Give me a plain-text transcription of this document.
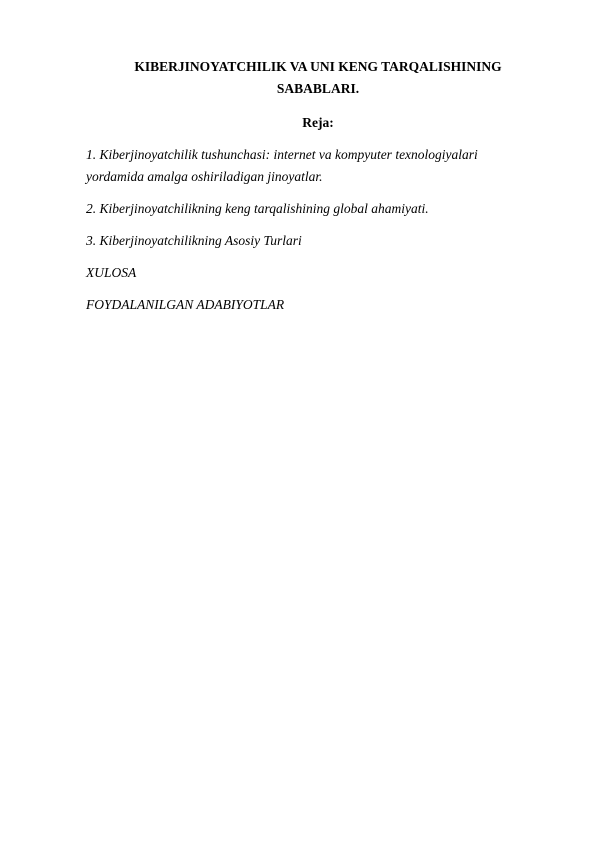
KIBERJINOYATCHILIK VA UNI KENG TARQALISHINING
SABABLARI.

Reja:

1. Kiberjinoyatchilik tushunchasi: internet va kompyuter texnologiyalari yordamida amalga oshiriladigan jinoyatlar.
2. Kiberjinoyatchilikning keng tarqalishining global ahamiyati.
3. Kiberjinoyatchilikning Asosiy Turlari
XULOSA
FOYDALANILGAN ADABIYOTLAR
